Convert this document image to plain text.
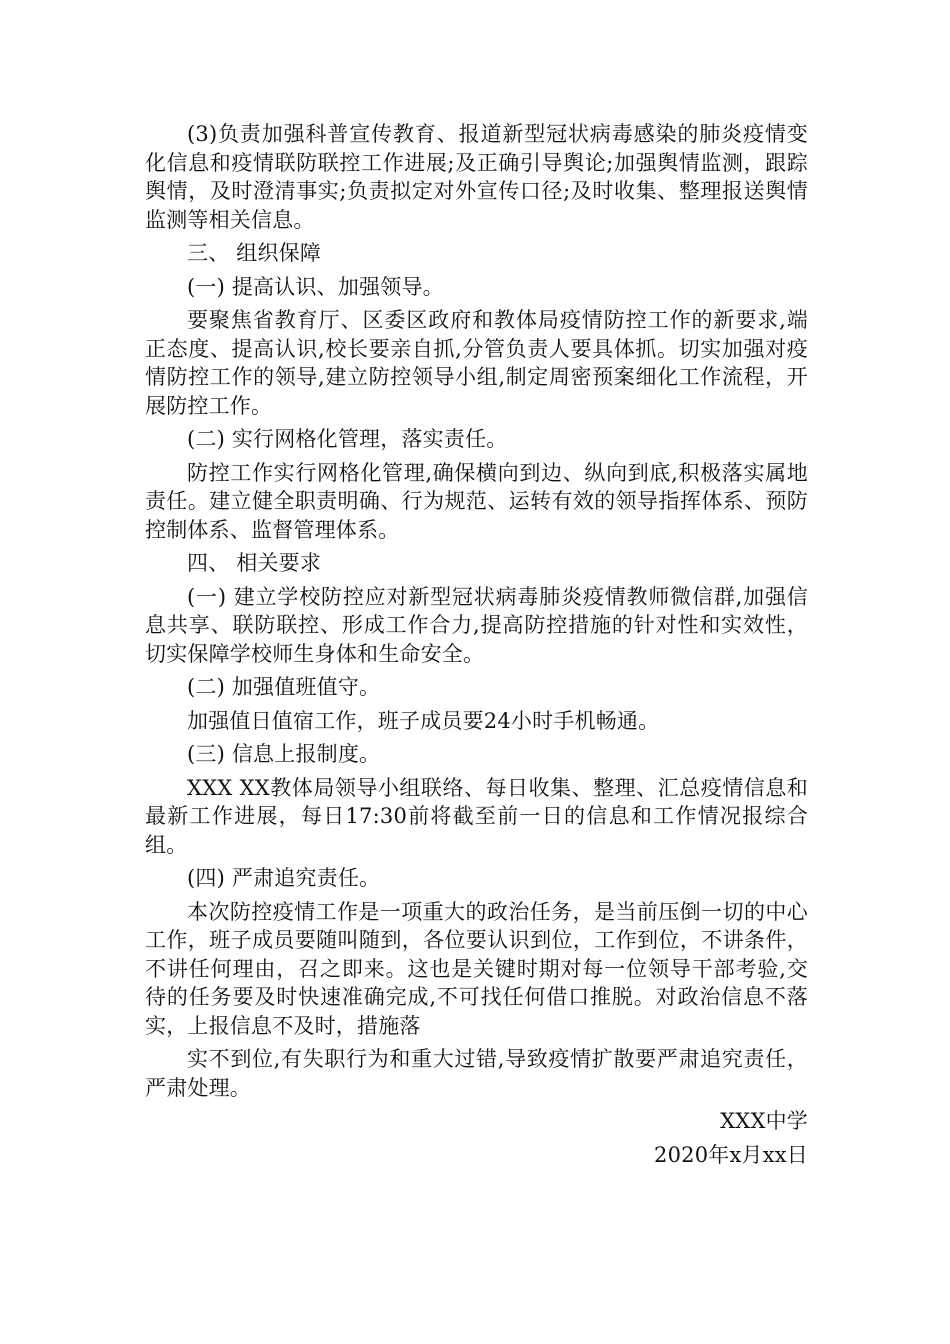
(3)负责加强科普宣传教育、报道新型冠状病毒感染的肺炎疫情变化信息和疫情联防联控工作进展;及正确引导舆论;加强舆情监测，跟踪舆情，及时澄清事实;负责拟定对外宣传口径;及时收集、整理报送舆情监测等相关信息。

三、 组织保障

(一) 提高认识、加强领导。

要聚焦省教育厅、区委区政府和教体局疫情防控工作的新要求,端正态度、提高认识,校长要亲自抓,分管负责人要具体抓。切实加强对疫情防控工作的领导,建立防控领导小组,制定周密预案细化工作流程，开展防控工作。

(二) 实行网格化管理，落实责任。

防控工作实行网格化管理,确保横向到边、纵向到底,积极落实属地责任。建立健全职责明确、行为规范、运转有效的领导指挥体系、预防控制体系、监督管理体系。

四、 相关要求

(一) 建立学校防控应对新型冠状病毒肺炎疫情教师微信群,加强信息共享、联防联控、形成工作合力,提高防控措施的针对性和实效性，切实保障学校师生身体和生命安全。

(二) 加强值班值守。

加强值日值宿工作，班子成员要24小时手机畅通。

(三) 信息上报制度。

XXX XX教体局领导小组联络、每日收集、整理、汇总疫情信息和最新工作进展，每日17:30前将截至前一日的信息和工作情况报综合组。

(四) 严肃追究责任。

本次防控疫情工作是一项重大的政治任务，是当前压倒一切的中心工作，班子成员要随叫随到，各位要认识到位，工作到位，不讲条件，不讲任何理由，召之即来。这也是关键时期对每一位领导干部考验,交待的任务要及时快速准确完成,不可找任何借口推脱。对政治信息不落实，上报信息不及时，措施落

实不到位,有失职行为和重大过错,导致疫情扩散要严肃追究责任，严肃处理。

XXX中学
2020年x月xx日
